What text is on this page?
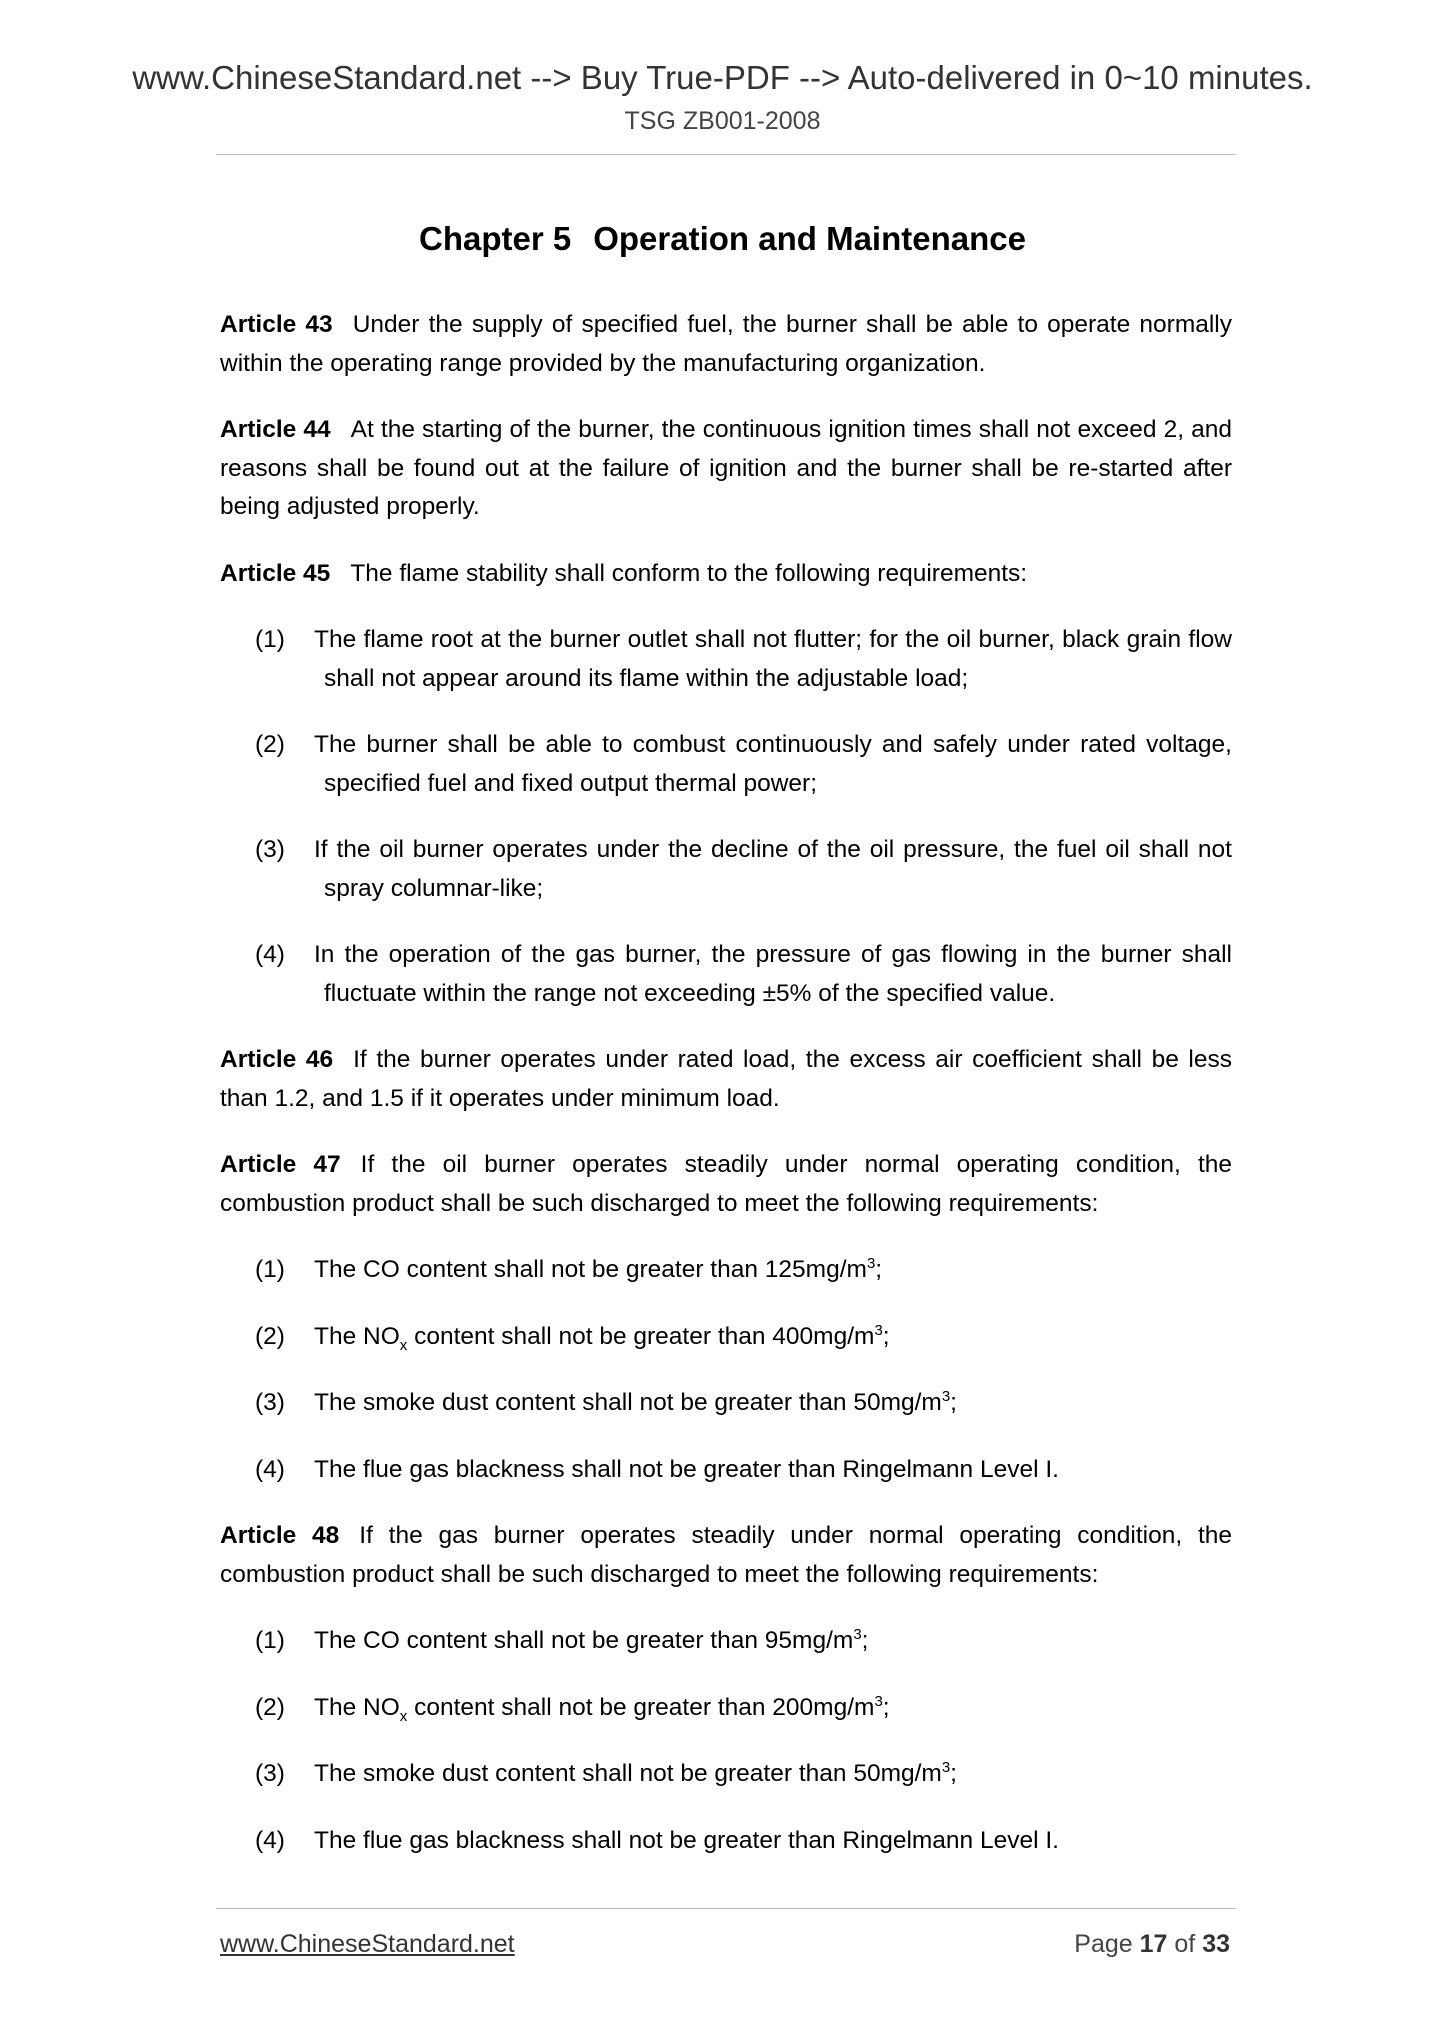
www.ChineseStandard.net --> Buy True-PDF --> Auto-delivered in 0~10 minutes.
TSG ZB001-2008
Chapter 5 Operation and Maintenance

Article 43 Under the supply of specified fuel, the burner shall be able to operate normally within the operating range provided by the manufacturing organization.

Article 44 At the starting of the burner, the continuous ignition times shall not exceed 2, and reasons shall be found out at the failure of ignition and the burner shall be re-started after being adjusted properly.

Article 45 The flame stability shall conform to the following requirements:

(1) The flame root at the burner outlet shall not flutter; for the oil burner, black grain flow shall not appear around its flame within the adjustable load;
(2) The burner shall be able to combust continuously and safely under rated voltage, specified fuel and fixed output thermal power;
(3) If the oil burner operates under the decline of the oil pressure, the fuel oil shall not spray columnar-like;
(4) In the operation of the gas burner, the pressure of gas flowing in the burner shall fluctuate within the range not exceeding ±5% of the specified value.

Article 46 If the burner operates under rated load, the excess air coefficient shall be less than 1.2, and 1.5 if it operates under minimum load.

Article 47 If the oil burner operates steadily under normal operating condition, the combustion product shall be such discharged to meet the following requirements:

(1) The CO content shall not be greater than $125mg/m^3$;
(2) The $NO_x$ content shall not be greater than $400mg/m^3$;
(3) The smoke dust content shall not be greater than $50mg/m^3$;
(4) The flue gas blackness shall not be greater than Ringelmann Level I.

Article 48 If the gas burner operates steadily under normal operating condition, the combustion product shall be such discharged to meet the following requirements:

(1) The CO content shall not be greater than $95mg/m^3$;
(2) The $NO_x$ content shall not be greater than $200mg/m^3$;
(3) The smoke dust content shall not be greater than $50mg/m^3$;
(4) The flue gas blackness shall not be greater than Ringelmann Level I.
www.ChineseStandard.net	Page 17 of 33
